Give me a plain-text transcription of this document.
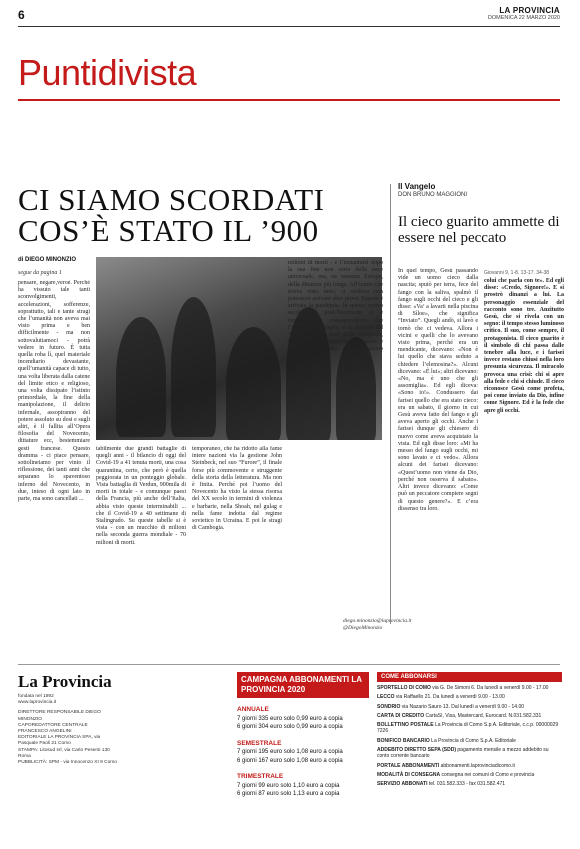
6	LA PROVINCIA
DOMENICA 22 MARZO 2020
Puntidivista
CI SIAMO SCORDATI
COS’È STATO IL ’900
di DIEGO MINONZIO
segue da pagina 1
pensare, negare,veroè. Perché ha vissuto tale tanti sconvolgimenti, accelerazioni, sofferenze, soprattutto, tali e tante stragi che l’umanità non aveva mai visto prima e ben difficilmente - ma non sottovalutiamoci - potrà vedere in futuro. È tutta quella roba lì, quel materiale incendiario devastante, quell’umanità capace di tutto, una volta liberata dalla catene del limite etico e religioso, una volta dissipato l’istinto primordiale, la fine della manipolazione, il delirio infernale, assopiranno del potere assoluto su dosi e sugli altri, è il fallita all’Opera filosofia del Novecento, dittature ecc, bestemmiare gesti francese. Questo dramma - ci piace pensare, sottolineiamo per vinto il riflessione, dei tanti anni che separano lo spaventoso inferno del Novecento, in due, inteso di ogni lato in parte, ma sono cancellati ...
tabilmente due grandi battaglie di quegli anni - il bilancio di oggi del Covid-19 a 41 tenuta morti, una cosa quarantina, certo, che però è quella peggiorata in un ponteggio globale. Vista battaglia di Verdun, 900mila di morti in totale - e comunque paesi della Francia, più anche dell’Italia, abbia visto queste interminabili ... che il Covid-19 a 40 settimane di Stalingrado. Su queste tabelle si è vista - con un mucchio di milioni nella seconda guerra mondiale - 70 milioni di morti.
temporaneo, che ha ridotto alla fame intere nazioni via la gestione John Steinbeck, nel suo “Furore”, il finale forse più commovente e struggente della storia della letteratura. Ma non è finita. Perché poi l’uomo del Novecento ha visto la stessa risorsa del XX secolo in termini di violenza e barbarie, nella Shoah, nel gulag e nella fame indotta dal regime sovietico in Ucraina. E poi le stragi di Cambogia.
milioni di morti - e l’instaurarsi dopo la sua fine non certo della pace universale, ma, su nessuna Europa, della dittatura più lunga. All’uomo che aveva visto tutto, si credeva non potessero arrivare altre prove. Eppure è arrivata la pandemia. In questo nuovo secolo del post-Novecento si è rinnovata la consapevolezza che l’uomo resta fragile, e la lezione del ’900, a cento anni dalla Spagnola, l’abbiamo già dimenticata. Questo è stato il Novecento, e ce ne siamo scordati.
diego.minonzio@laprovincia.it
@DiegoMinonzio
Il Vangelo
DON BRUNO MAGGIONI
Il cieco guarito ammette di essere nel peccato
In quel tempo, Gesù passando vide un uomo cieco dalla nascita; sputò per terra, fece del fango con la saliva, spalmò il fango sugli occhi del cieco e gli disse: «Va’ a lavarti nella piscina di Sìloe», che significa “Inviato”. Quegli andò, si lavò e tornò che ci vedeva. Allora i vicini e quelli che lo avevano visto prima, perché era un mendicante, dicevano: «Non è lui quello che stava seduto a chiedere l’elemosina?». Alcuni dicevano: «È lui»; altri dicevano: «No, ma è uno che gli assomiglia». Ed egli diceva: «Sono io!». Condussero dai farisei quello che era stato cieco: era un sabato, il giorno in cui Gesù aveva fatto del fango e gli aveva aperto gli occhi. Anche i farisei dunque gli chiesero di nuovo come aveva acquistato la vista. Ed egli disse loro: «Mi ha messo del fango sugli occhi, mi sono lavato e ci vedo». Allora alcuni dei farisei dicevano: «Quest’uomo non viene da Dio, perché non osserva il sabato». Altri invece dicevano: «Come può un peccatore compiere segni di questo genere?». E c’era dissenso tra loro.
Giovanni 9, 1-8. 13-17. 34-38
colui che parla con te». Ed egli disse: «Credo, Signore!». E si prostrò dinanzi a lui. La personaggio essenziale del racconto sono tre. Anzitutto Gesù, che si rivela con un segno: il tempo stesso luminoso critico. Il suo, come sempre, il protagonista. Il cieco guarito è il simbolo di chi passa dalle tenebre alla luce, e i farisei invece restano chiusi nella loro presunta sicurezza. Il miracolo provoca una crisi: chi si apre alla fede e chi si chiude. Il cieco riconosce Gesù come profeta, poi come inviato da Dio, infine come Signore. Ed è la fede che apre gli occhi.
La Provincia
fondata nel 1892
www.laprovincia.it
DIRETTORE RESPONSABILE DIEGO MINONZIO
CAPOREDATTORE CENTRALE FRANCESCO ANGELINI
EDITORIALE LA PROVINCIA SPA, via Pasquale Paoli 21 Como
STAMPA: Litosud srl, via Carlo Pesenti 130 Roma
PUBBLICITÀ: SPM - via Innocenzo XI 9 Como
CAMPAGNA ABBONAMENTI LA PROVINCIA 2020
ANNUALE
7 giorni 335 euro solo 0,99 euro a copia
6 giorni 304 euro solo 0,99 euro a copia
SEMESTRALE
7 giorni 195 euro solo 1,08 euro a copia
6 giorni 167 euro solo 1,08 euro a copia
TRIMESTRALE
7 giorni 99 euro solo 1,10 euro a copia
6 giorni 87 euro solo 1,13 euro a copia
COME ABBONARSI
SPORTELLO DI COMO via G. De Simoni 6. Da lunedì a venerdì 9.00 - 17.00
LECCO via Raffaello 21. Da lunedì a venerdì 9.00 - 13.00
SONDRIO via Nazario Sauro 13. Dal lunedì a venerdì 9.00 - 14.00
CARTA DI CREDITO CartaSì, Visa, Mastercard, Eurocard. N.031.582.331
BOLLETTINO POSTALE La Provincia di Como S.p.A. Editoriale, c.c.p. 00000029 7226
BONIFICO BANCARIO La Provincia di Como S.p.A. Editoriale
ADDEBITO DIRETTO SEPA (SDD) pagamento mensile a mezzo addebito su conto corrente bancario
PORTALE ABBONAMENTI abbonamenti.laprovinciadicomo.it
MODALITÀ DI CONSEGNA consegna nei comuni di Como e provincia
SERVIZIO ABBONATI tel. 031.582.333 - fax 031.582.471
